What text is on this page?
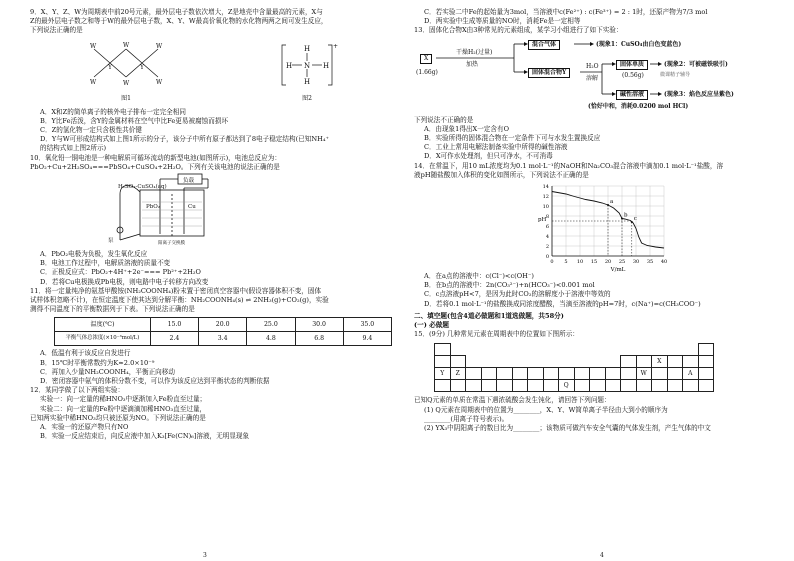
9．X、Y、Z、W为周期表中前20号元素，最外层电子数依次增大，Z是地壳中含量最高的元素，X与
Z的最外层电子数之和等于W的最外层电子数，X、Y、W最高价氧化物的水化物两两之间可发生反应，
下列说法正确的是
W
W
Y	Y
W
W
W
W
图1
H
H
H	H
N
+
图2
A．X和Z的简单离子的核外电子排布一定完全相同
B．Y比Fe活泼，含Y的金属材料在空气中比Fe更易被腐蚀而损坏
C．Z的氢化物一定只含极性共价键
D．Y与W可形成结构式如上图1所示的分子，该分子中所有原子都达到了8电子稳定结构(已知NH₄⁺
的结构式如上图2所示)
10．氧化铅一铜电池是一种电解质可循环流动的新型电池(如图所示)，电池总反应为：
PbO₂+Cu+2H₂SO₄===PbSO₄+CuSO₄+2H₂O。下列有关该电池的说法正确的是
H₂SO₄-CuSO₄(aq)
负载
PbO₂	Cu
泵	阳离子交换膜
A．PbO₂电极为负极，发生氧化反应
B．电池工作过程中，电解质溶液的质量不变
C．正极反应式：PbO₂+4H⁺+2e⁻=== Pb²⁺+2H₂O
D．若将Cu电极换成Pb电极，则电路中电子转移方向改变
11．将一定量纯净的氨基甲酸铵(NH₂COONH₄)粉末置于密闭真空容器中(假设容器体积不变，固体
试样体积忽略不计)，在恒定温度下使其达到分解平衡：NH₂COONH₄(s) ⇌ 2NH₃(g)+CO₂(g)，实验
测得不同温度下的平衡数据列于下表。下列说法正确的是
温度(℃)	15.0	20.0	25.0	30.0	35.0
平衡气体总浓度(×10⁻³mol/L)	2.4	3.4	4.8	6.8	9.4
A．低温有利于该反应自发进行
B．15℃时平衡常数约为K≈2.0×10⁻⁹
C．再加入少量NH₂COONH₄，平衡正向移动
D．密闭容器中氨气的体积分数不变，可以作为该反应达到平衡状态的判断依据
12．某同学做了以下两组实验：
实验一：向一定量的稀HNO₃中逐渐加入Fe粉直至过量；
实验二：向一定量的Fe粉中逐滴滴加稀HNO₃直至过量，
已知两实验中稀HNO₃均只被还原为NO。下列说法正确的是
A．实验一的还原产物只有NO
B．实验一反应结束后，向反应液中加入K₃[Fe(CN)₆]溶液，无明显现象
3
C．若实验二中Fe的起始量为3mol，当溶液中c(Fe²⁺) : c(Fe³⁺) = 2 : 1时，还原产物为7/3 mol
D．两实验中生成等质量的NO时，消耗Fe是一定相等
13．固体化合物X由3种常见的元素组成，某学习小组进行了如下实验：
X
(1.66g)
干燥H₂(过量)
加热
混合气体	(现象1：CuSO₄由白色变蓝色)
固体混合物Y
H₂O
溶解
固体单质	(现象2：可被磁铁吸引)
(0.56g)	微课精子辅导
碱性溶液	(现象3：焰色反应呈紫色)
(恰好中和，消耗0.0200 mol HCl)
下列说法不正确的是
A．由现象1得出X一定含有O
B．实验所得的固体混合物在一定条件下可与水发生置换反应
C．工业上常用电解法制备实验中所得的碱性溶液
D．X可作水处理剂，但只可净水，不可消毒
14．在常温下，用10 mL浓度均为0.1 mol·L⁻¹的NaOH和Na₂CO₃混合溶液中滴加0.1 mol·L⁻¹盐酸，溶
液pH随盐酸加入体积的变化如图所示，下列说法不正确的是
0 5 10 15 20 25 30 35 40
0
2
4
6
8
10
12
14
V/mL
pH
a
b
c
A．在a点的溶液中：c(Cl⁻)<c(OH⁻)
B．在b点的溶液中：2n(CO₃²⁻)+n(HCO₃⁻)<0.001 mol
C．c点溶液pH<7，是因为此时CO₂的溶解度小于溶液中等效的
D．若将0.1 mol·L⁻¹的盐酸换成同浓度醋酸，当滴至溶液的pH=7时，c(Na⁺)=c(CH₃COO⁻)
二、填空题(包含4道必做题和1道选做题，共58分)
(一) 必做题
15．(9分) 几种常见元素在周期表中的位置如下图所示：

														X			
Y	Z												W			A	
								Q									
已知Q元素的单质在常温下遇浓硫酸会发生钝化，请回答下列问题：
(1) Q元素在周期表中的位置为________，X、Y、W简单离子半径由大到小的顺序为
________(用离子符号表示)。
(2) YX₃中阴阳离子的数目比为________；该物质可做汽车安全气囊的气体发生剂，产生气体的中文
4
